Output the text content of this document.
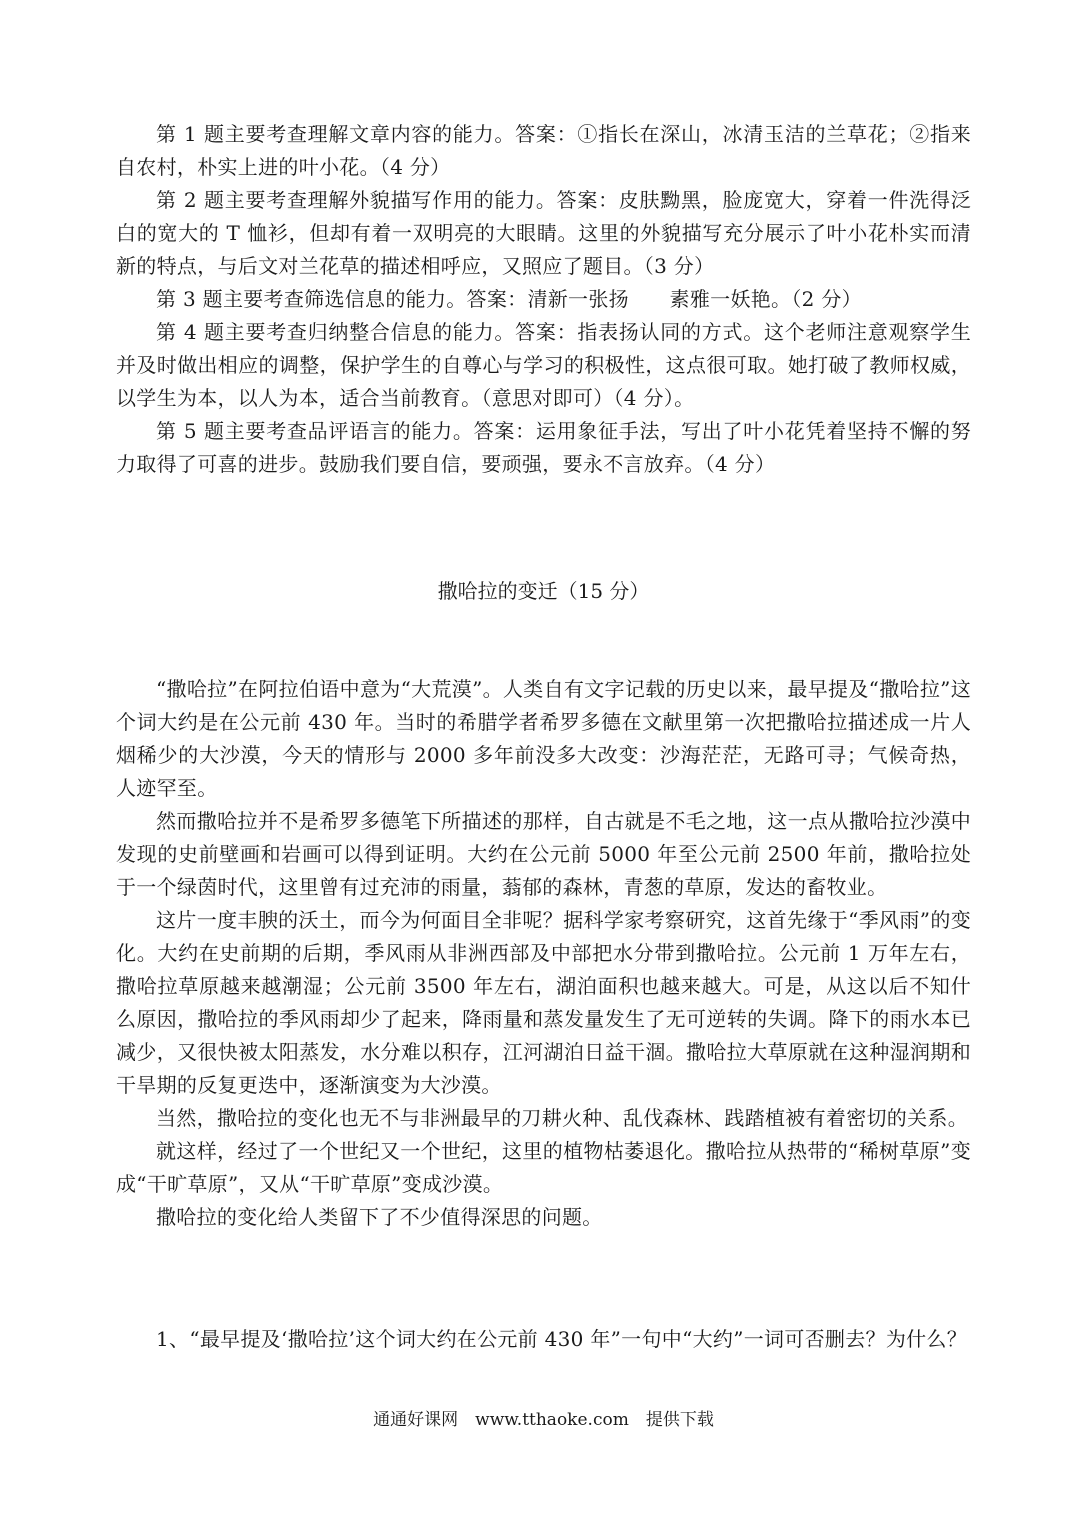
第 1 题主要考查理解文章内容的能力。答案：①指长在深山，冰清玉洁的兰草花；②指来自农村，朴实上进的叶小花。（4 分）

第 2 题主要考查理解外貌描写作用的能力。答案：皮肤黝黑，脸庞宽大，穿着一件洗得泛白的宽大的 T 恤衫，但却有着一双明亮的大眼睛。这里的外貌描写充分展示了叶小花朴实而清新的特点，与后文对兰花草的描述相呼应，又照应了题目。（3 分）

第 3 题主要考查筛选信息的能力。答案：清新一张扬　　素雅一妖艳。（2 分）

第 4 题主要考查归纳整合信息的能力。答案：指表扬认同的方式。这个老师注意观察学生并及时做出相应的调整，保护学生的自尊心与学习的积极性，这点很可取。她打破了教师权威，以学生为本，以人为本，适合当前教育。（意思对即可）（4 分）。

第 5 题主要考查品评语言的能力。答案：运用象征手法，写出了叶小花凭着坚持不懈的努力取得了可喜的进步。鼓励我们要自信，要顽强，要永不言放弃。（4 分）

撒哈拉的变迁（15 分）

“撒哈拉”在阿拉伯语中意为“大荒漠”。人类自有文字记载的历史以来，最早提及“撒哈拉”这个词大约是在公元前 430 年。当时的希腊学者希罗多德在文献里第一次把撒哈拉描述成一片人烟稀少的大沙漠，今天的情形与 2000 多年前没多大改变：沙海茫茫，无路可寻；气候奇热，人迹罕至。

然而撒哈拉并不是希罗多德笔下所描述的那样，自古就是不毛之地，这一点从撒哈拉沙漠中发现的史前壁画和岩画可以得到证明。大约在公元前 5000 年至公元前 2500 年前，撒哈拉处于一个绿茵时代，这里曾有过充沛的雨量，蓊郁的森林，青葱的草原，发达的畜牧业。

这片一度丰腴的沃土，而今为何面目全非呢？据科学家考察研究，这首先缘于“季风雨”的变化。大约在史前期的后期，季风雨从非洲西部及中部把水分带到撒哈拉。公元前 1 万年左右，撒哈拉草原越来越潮湿；公元前 3500 年左右，湖泊面积也越来越大。可是，从这以后不知什么原因，撒哈拉的季风雨却少了起来，降雨量和蒸发量发生了无可逆转的失调。降下的雨水本已减少，又很快被太阳蒸发，水分难以积存，江河湖泊日益干涸。撒哈拉大草原就在这种湿润期和干旱期的反复更迭中，逐渐演变为大沙漠。

当然，撒哈拉的变化也无不与非洲最早的刀耕火种、乱伐森林、践踏植被有着密切的关系。

就这样，经过了一个世纪又一个世纪，这里的植物枯萎退化。撒哈拉从热带的“稀树草原”变成“干旷草原”，又从“干旷草原”变成沙漠。

撒哈拉的变化给人类留下了不少值得深思的问题。

1、“最早提及‘撒哈拉’这个词大约在公元前 430 年”一句中“大约”一词可否删去？为什么？

通通好课网　www.tthaoke.com　提供下载
